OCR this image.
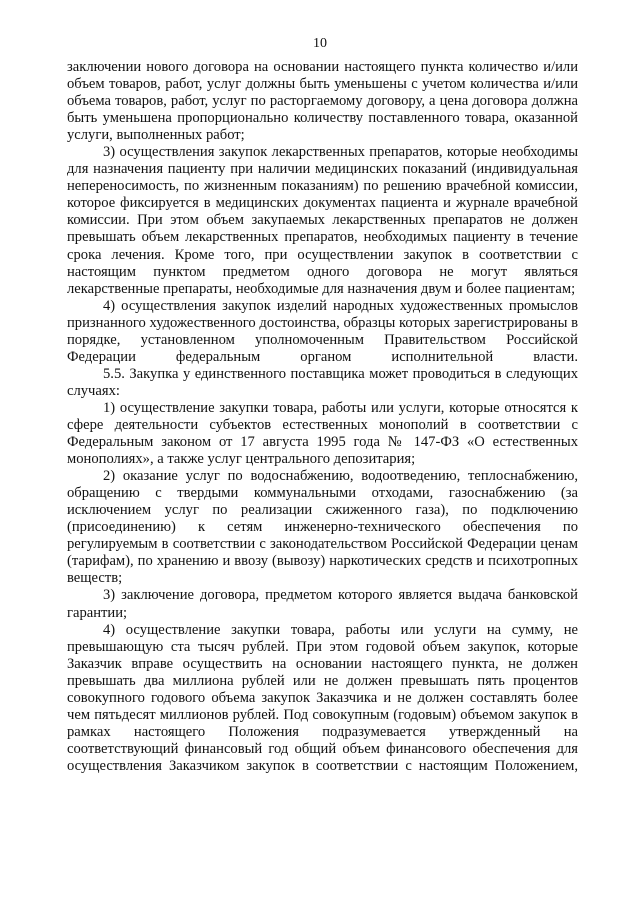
10

заключении нового договора на основании настоящего пункта количество и/или объем товаров, работ, услуг должны быть уменьшены с учетом количества и/или объема товаров, работ, услуг по расторгаемому договору, а цена договора должна быть уменьшена пропорционально количеству поставленного товара, оказанной услуги, выполненных работ;

3) осуществления закупок лекарственных препаратов, которые необходимы для назначения пациенту при наличии медицинских показаний (индивидуальная непереносимость, по жизненным показаниям) по решению врачебной комиссии, которое фиксируется в медицинских документах пациента и журнале врачебной комиссии. При этом объем закупаемых лекарственных препаратов не должен превышать объем лекарственных препаратов, необходимых пациенту в течение срока лечения. Кроме того, при осуществлении закупок в соответствии с настоящим пунктом предметом одного договора не могут являться лекарственные препараты, необходимые для назначения двум и более пациентам;

4) осуществления закупок изделий народных художественных промыслов признанного художественного достоинства, образцы которых зарегистрированы в порядке, установленном уполномоченным Правительством Российской Федерации федеральным органом исполнительной власти.

5.5. Закупка у единственного поставщика может проводиться в следующих случаях:

1) осуществление закупки товара, работы или услуги, которые относятся к сфере деятельности субъектов естественных монополий в соответствии с Федеральным законом от 17 августа 1995 года № 147-ФЗ «О естественных монополиях», а также услуг центрального депозитария;

2) оказание услуг по водоснабжению, водоотведению, теплоснабжению, обращению с твердыми коммунальными отходами, газоснабжению (за исключением услуг по реализации сжиженного газа), по подключению (присоединению) к сетям инженерно-технического обеспечения по регулируемым в соответствии с законодательством Российской Федерации ценам (тарифам), по хранению и ввозу (вывозу) наркотических средств и психотропных веществ;

3) заключение договора, предметом которого является выдача банковской гарантии;

4) осуществление закупки товара, работы или услуги на сумму, не превышающую ста тысяч рублей. При этом годовой объем закупок, которые Заказчик вправе осуществить на основании настоящего пункта, не должен превышать два миллиона рублей или не должен превышать пять процентов совокупного годового объема закупок Заказчика и не должен составлять более чем пятьдесят миллионов рублей. Под совокупным (годовым) объемом закупок в рамках настоящего Положения подразумевается утвержденный на соответствующий финансовый год общий объем финансового обеспечения для осуществления Заказчиком закупок в соответствии с настоящим Положением,
